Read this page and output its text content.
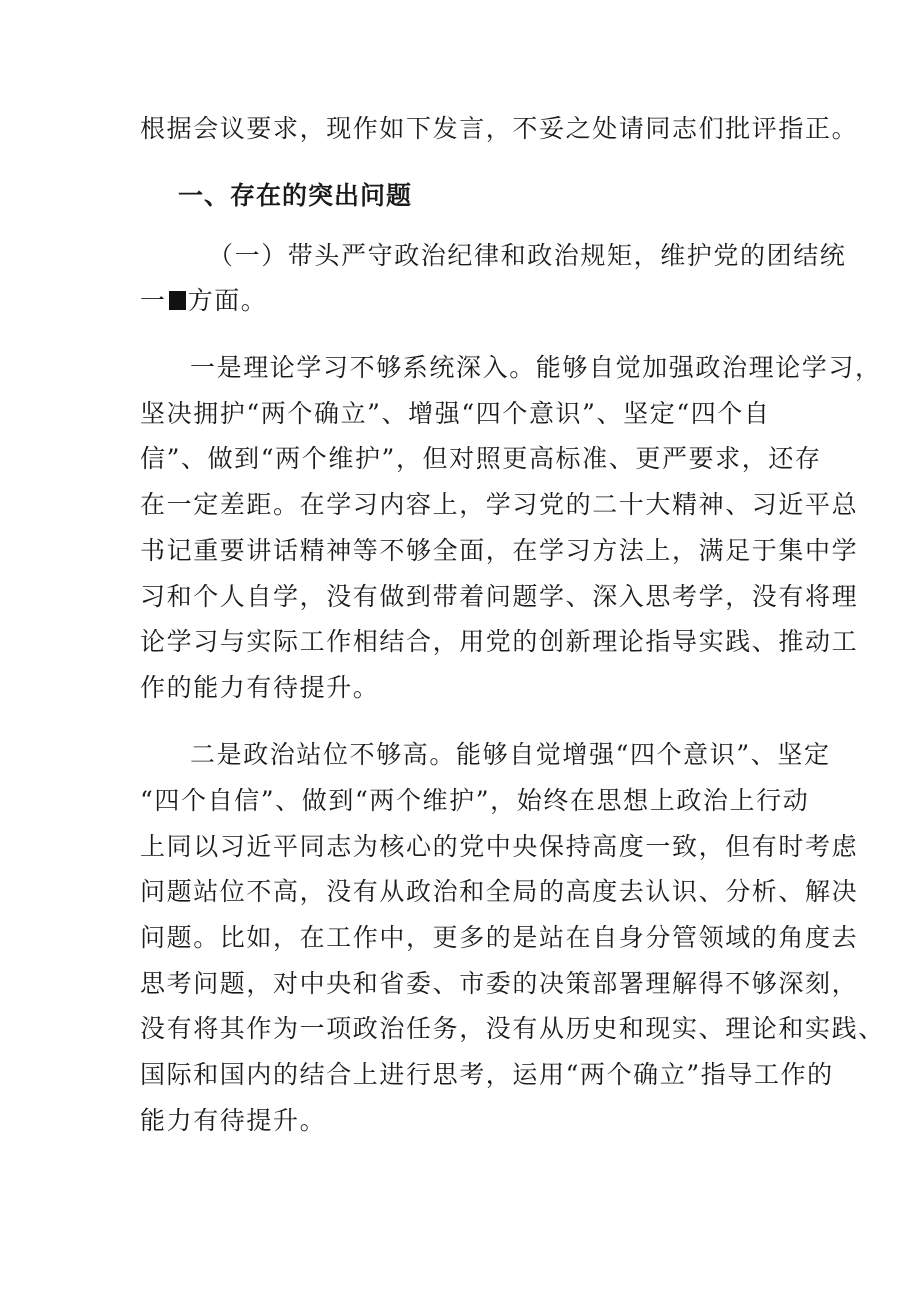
根据会议要求，现作如下发言，不妥之处请同志们批评指正。
一、存在的突出问题
（一）带头严守政治纪律和政治规矩，维护党的团结统
一 方面。
一是理论学习不够系统深入。能够自觉加强政治理论学习，
坚决拥护“两个确立”、增强“四个意识”、坚定“四个自
信”、做到“两个维护”，但对照更高标准、更严要求，还存
在一定差距。在学习内容上，学习党的二十大精神、习近平总
书记重要讲话精神等不够全面，在学习方法上，满足于集中学
习和个人自学，没有做到带着问题学、深入思考学，没有将理
论学习与实际工作相结合，用党的创新理论指导实践、推动工
作的能力有待提升。
二是政治站位不够高。能够自觉增强“四个意识”、坚定
“四个自信”、做到“两个维护”，始终在思想上政治上行动
上同以习近平同志为核心的党中央保持高度一致，但有时考虑
问题站位不高，没有从政治和全局的高度去认识、分析、解决
问题。比如，在工作中，更多的是站在自身分管领域的角度去
思考问题，对中央和省委、市委的决策部署理解得不够深刻，
没有将其作为一项政治任务，没有从历史和现实、理论和实践、
国际和国内的结合上进行思考，运用“两个确立”指导工作的
能力有待提升。
